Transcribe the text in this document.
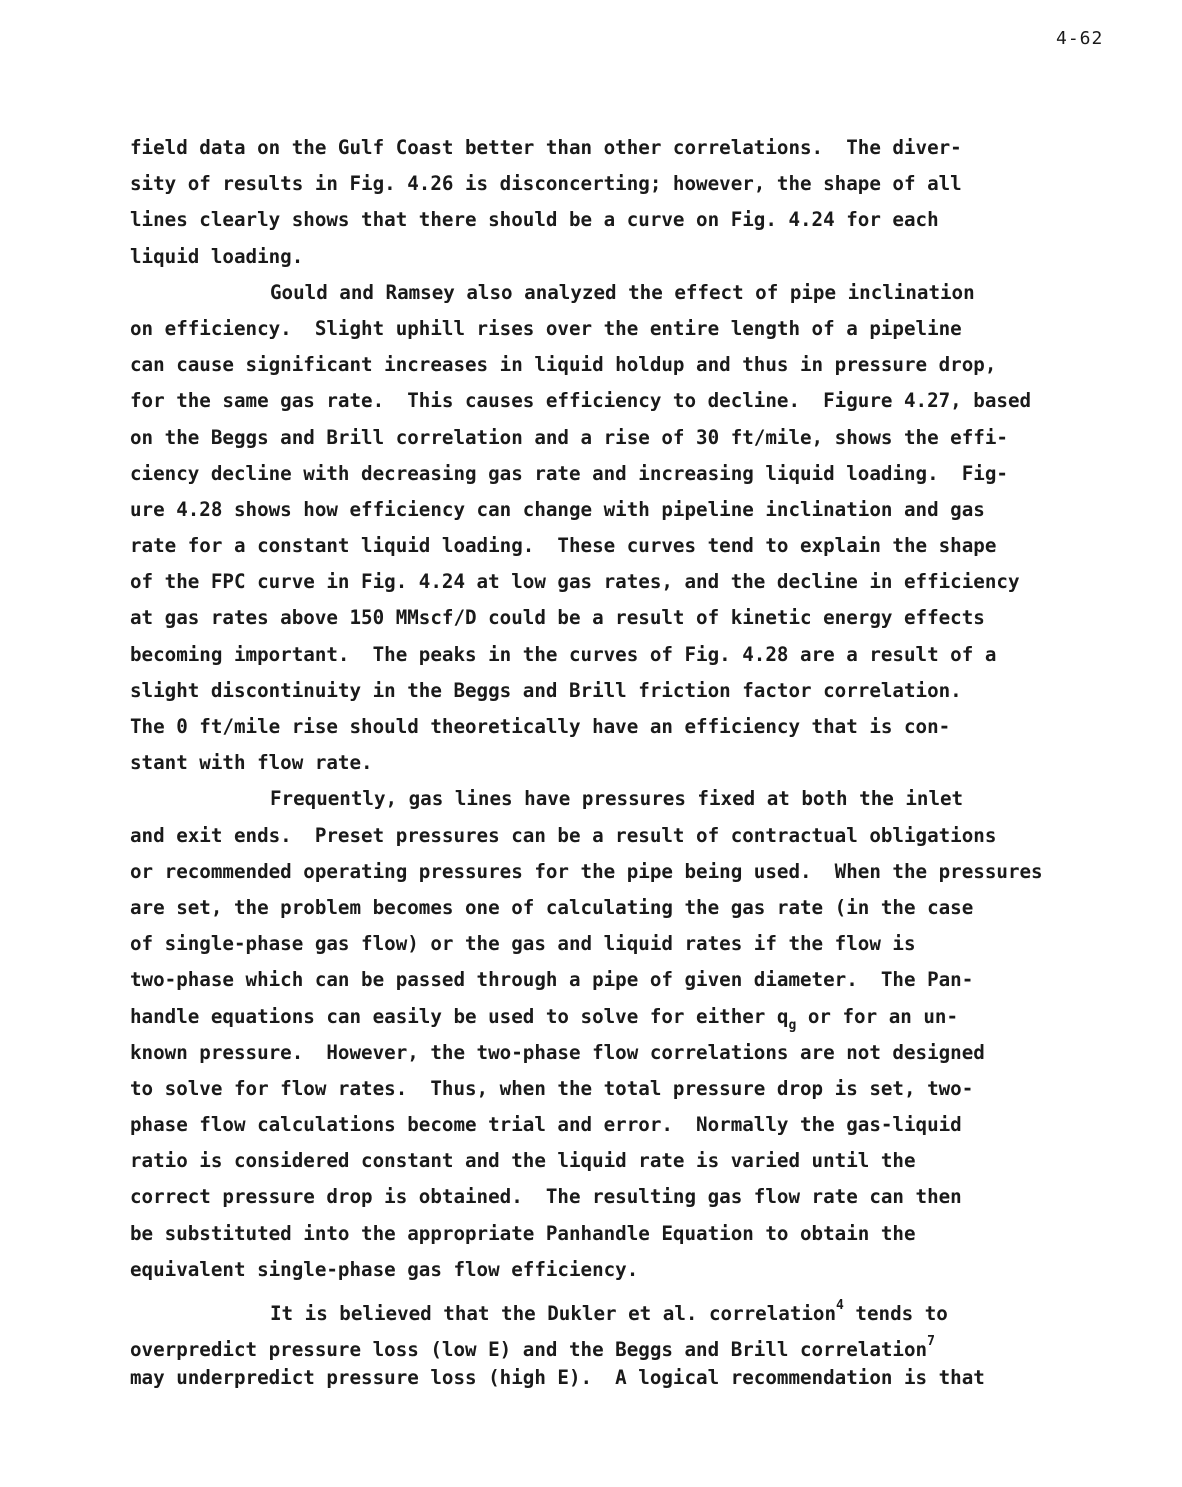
4-62
field data on the Gulf Coast better than other correlations.  The diver-
sity of results in Fig. 4.26 is disconcerting; however, the shape of all
lines clearly shows that there should be a curve on Fig. 4.24 for each
liquid loading.
Gould and Ramsey also analyzed the effect of pipe inclination
on efficiency.  Slight uphill rises over the entire length of a pipeline
can cause significant increases in liquid holdup and thus in pressure drop,
for the same gas rate.  This causes efficiency to decline.  Figure 4.27, based
on the Beggs and Brill correlation and a rise of 30 ft/mile, shows the effi-
ciency decline with decreasing gas rate and increasing liquid loading.  Fig-
ure 4.28 shows how efficiency can change with pipeline inclination and gas
rate for a constant liquid loading.  These curves tend to explain the shape
of the FPC curve in Fig. 4.24 at low gas rates, and the decline in efficiency
at gas rates above 150 MMscf/D could be a result of kinetic energy effects
becoming important.  The peaks in the curves of Fig. 4.28 are a result of a
slight discontinuity in the Beggs and Brill friction factor correlation.
The 0 ft/mile rise should theoretically have an efficiency that is con-
stant with flow rate.
Frequently, gas lines have pressures fixed at both the inlet
and exit ends.  Preset pressures can be a result of contractual obligations
or recommended operating pressures for the pipe being used.  When the pressures
are set, the problem becomes one of calculating the gas rate (in the case
of single-phase gas flow) or the gas and liquid rates if the flow is
two-phase which can be passed through a pipe of given diameter.  The Pan-
handle equations can easily be used to solve for either $q_g$ or for an un-
known pressure.  However, the two-phase flow correlations are not designed
to solve for flow rates.  Thus, when the total pressure drop is set, two-
phase flow calculations become trial and error.  Normally the gas-liquid
ratio is considered constant and the liquid rate is varied until the
correct pressure drop is obtained.  The resulting gas flow rate can then
be substituted into the appropriate Panhandle Equation to obtain the
equivalent single-phase gas flow efficiency.
It is believed that the Dukler et al. correlation$^4$ tends to
overpredict pressure loss (low E) and the Beggs and Brill correlation$^7$
may underpredict pressure loss (high E).  A logical recommendation is that
